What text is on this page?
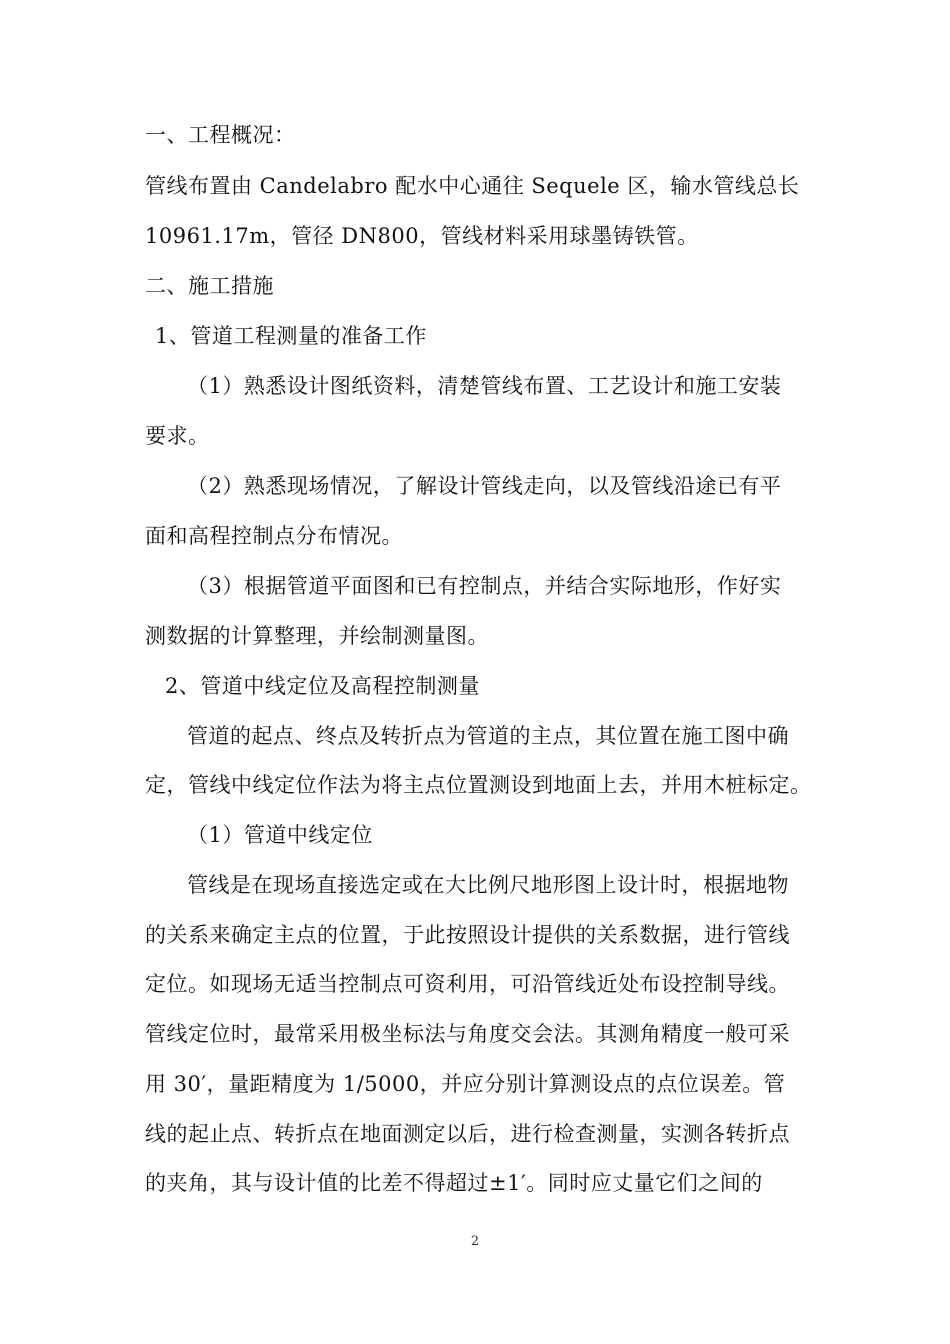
一、工程概况：
管线布置由 Candelabro 配水中心通往 Sequele 区，输水管线总长
10961.17m，管径 DN800，管线材料采用球墨铸铁管。
二、施工措施
1、管道工程测量的准备工作
（1）熟悉设计图纸资料，清楚管线布置、工艺设计和施工安装
要求。
（2）熟悉现场情况，了解设计管线走向，以及管线沿途已有平
面和高程控制点分布情况。
（3）根据管道平面图和已有控制点，并结合实际地形，作好实
测数据的计算整理，并绘制测量图。
2、管道中线定位及高程控制测量
管道的起点、终点及转折点为管道的主点，其位置在施工图中确
定，管线中线定位作法为将主点位置测设到地面上去，并用木桩标定。
（1）管道中线定位
管线是在现场直接选定或在大比例尺地形图上设计时，根据地物
的关系来确定主点的位置，于此按照设计提供的关系数据，进行管线
定位。如现场无适当控制点可资利用，可沿管线近处布设控制导线。
管线定位时，最常采用极坐标法与角度交会法。其测角精度一般可采
用 30′，量距精度为 1/5000，并应分别计算测设点的点位误差。管
线的起止点、转折点在地面测定以后，进行检查测量，实测各转折点
的夹角，其与设计值的比差不得超过±1′。同时应丈量它们之间的
2
